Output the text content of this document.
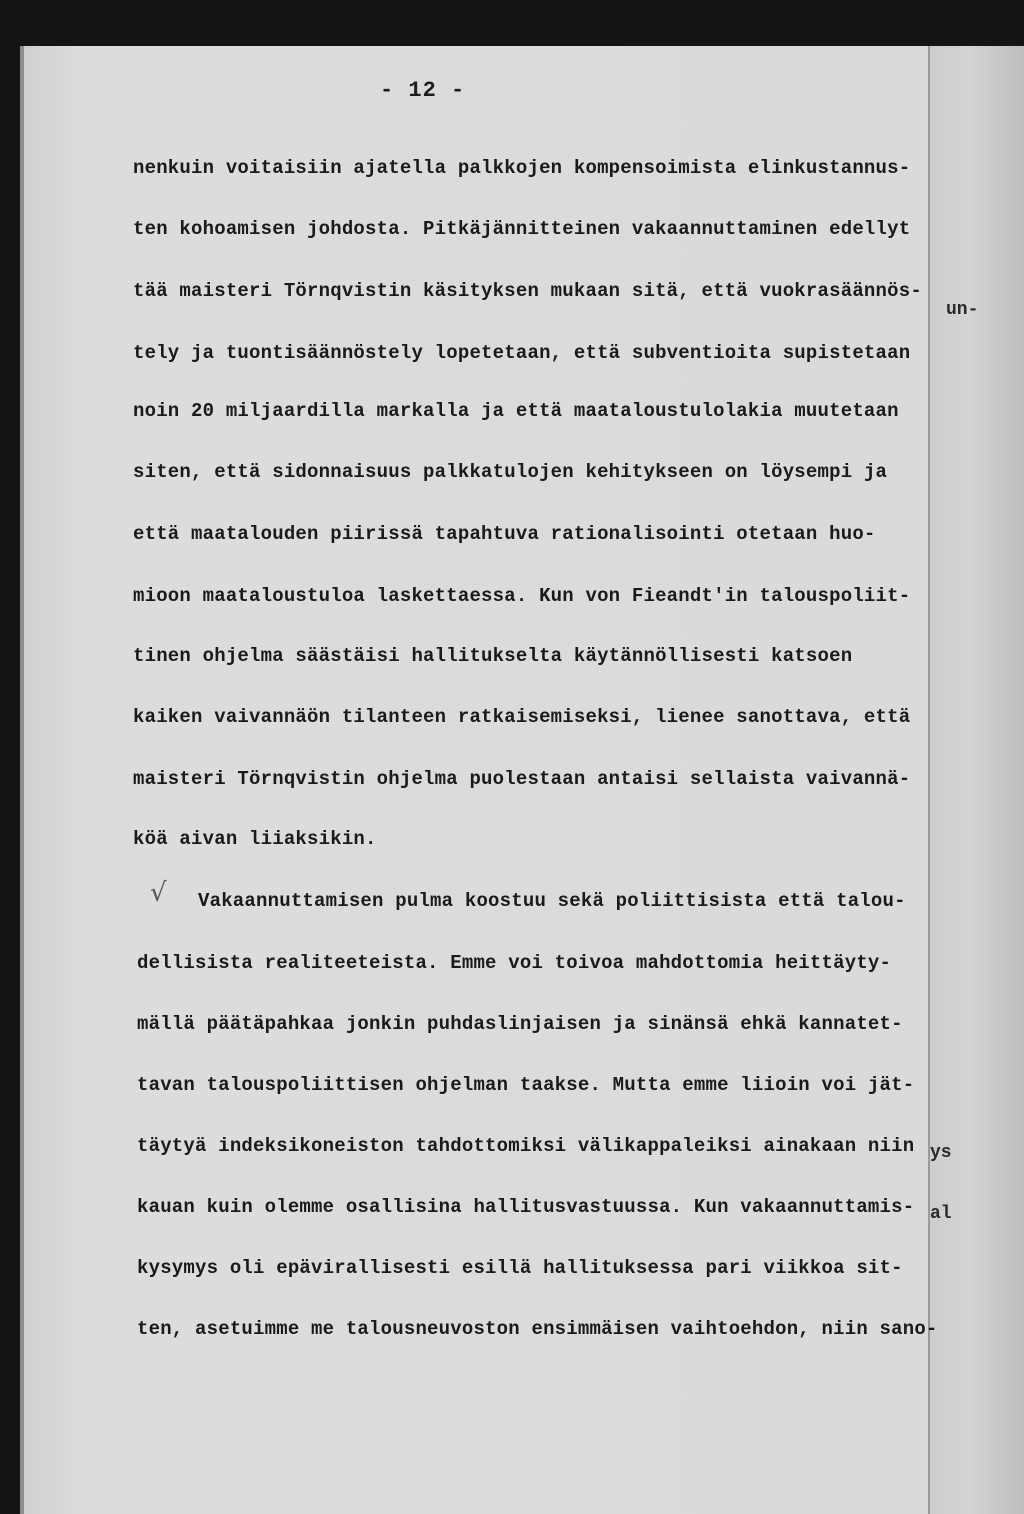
- 12 -
nenkuin voitaisiin ajatella palkkojen kompensoimista elinkustannus-
ten kohoamisen johdosta. Pitkäjännitteinen vakaannuttaminen edellyt
tää maisteri Törnqvistin käsityksen mukaan sitä, että vuokrasäännös-
tely ja tuontisäännöstely lopetetaan, että subventioita supistetaan
noin 20 miljaardilla markalla ja että maataloustulolakia muutetaan
siten, että sidonnaisuus palkkatulojen kehitykseen on löysempi ja
että maatalouden piirissä tapahtuva rationalisointi otetaan huo-
mioon maataloustuloa laskettaessa. Kun von Fieandt'in talouspoliit-
tinen ohjelma säästäisi hallitukselta käytännöllisesti katsoen
kaiken vaivannäön tilanteen ratkaisemiseksi, lienee sanottava, että
maisteri Törnqvistin ohjelma puolestaan antaisi sellaista vaivannä-
köä aivan liiaksikin.
√ Vakaannuttamisen pulma koostuu sekä poliittisista että talou-
dellisista realiteeteista. Emme voi toivoa mahdottomia heittäyty-
mällä päätäpahkaa jonkin puhdaslinjaisen ja sinänsä ehkä kannatet-
tavan talouspoliittisen ohjelman taakse. Mutta emme liioin voi jät-
täytyä indeksikoneiston tahdottomiksi välikappaleiksi ainakaan niin
kauan kuin olemme osallisina hallitusvastuussa. Kun vakaannuttamis-
kysymys oli epävirallisesti esillä hallituksessa pari viikkoa sit-
ten, asetuimme me talousneuvoston ensimmäisen vaihtoehdon, niin sano-
un-
ys
al
